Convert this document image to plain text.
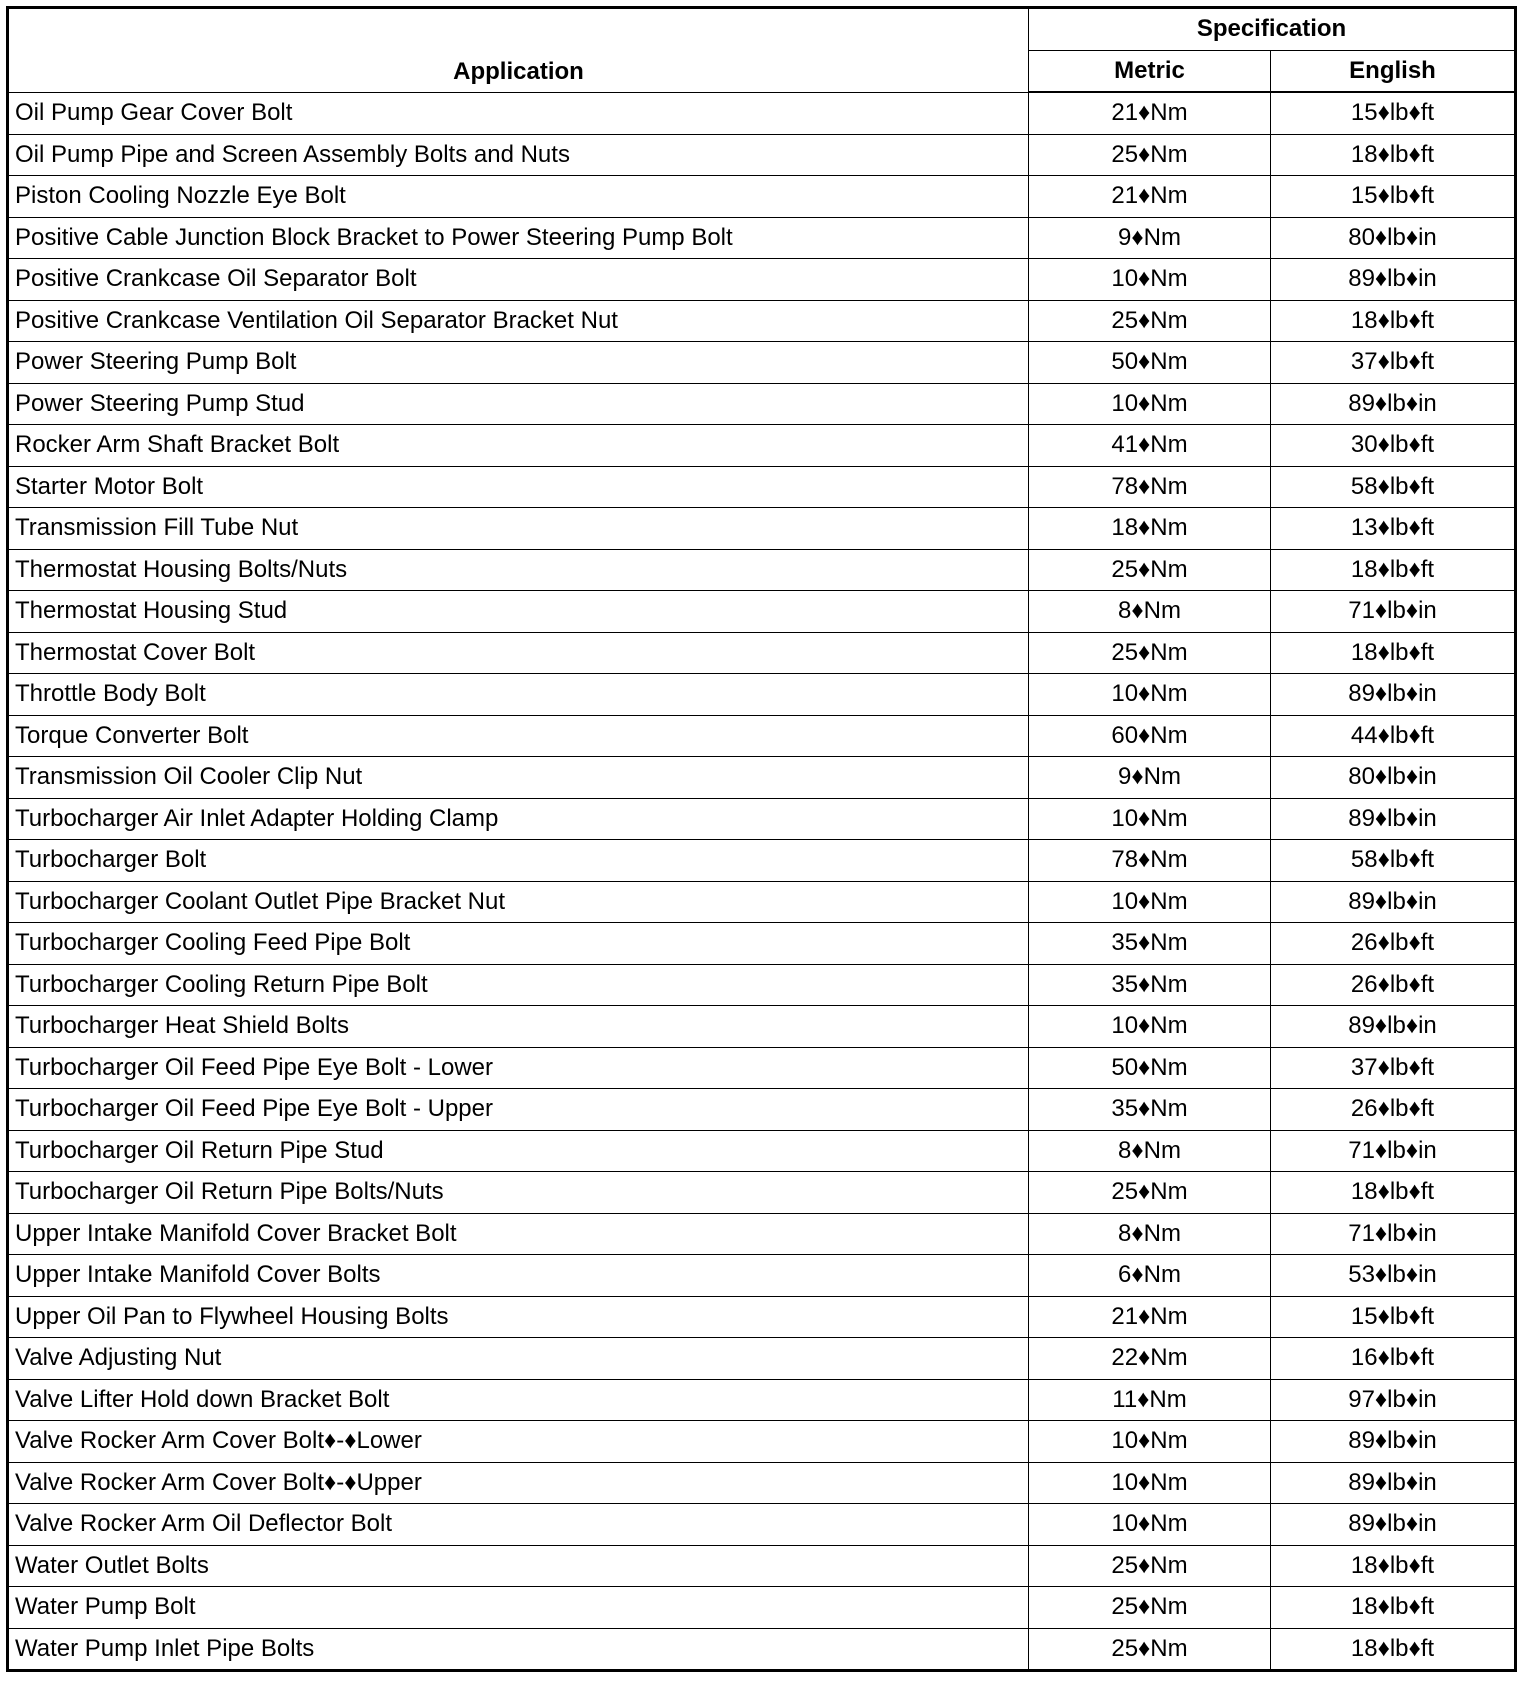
Application	Specification	
	Metric	English
Oil Pump Gear Cover Bolt	21♦Nm	15♦lb♦ft
Oil Pump Pipe and Screen Assembly Bolts and Nuts	25♦Nm	18♦lb♦ft
Piston Cooling Nozzle Eye Bolt	21♦Nm	15♦lb♦ft
Positive Cable Junction Block Bracket to Power Steering Pump Bolt	9♦Nm	80♦lb♦in
Positive Crankcase Oil Separator Bolt	10♦Nm	89♦lb♦in
Positive Crankcase Ventilation Oil Separator Bracket Nut	25♦Nm	18♦lb♦ft
Power Steering Pump Bolt	50♦Nm	37♦lb♦ft
Power Steering Pump Stud	10♦Nm	89♦lb♦in
Rocker Arm Shaft Bracket Bolt	41♦Nm	30♦lb♦ft
Starter Motor Bolt	78♦Nm	58♦lb♦ft
Transmission Fill Tube Nut	18♦Nm	13♦lb♦ft
Thermostat Housing Bolts/Nuts	25♦Nm	18♦lb♦ft
Thermostat Housing Stud	8♦Nm	71♦lb♦in
Thermostat Cover Bolt	25♦Nm	18♦lb♦ft
Throttle Body Bolt	10♦Nm	89♦lb♦in
Torque Converter Bolt	60♦Nm	44♦lb♦ft
Transmission Oil Cooler Clip Nut	9♦Nm	80♦lb♦in
Turbocharger Air Inlet Adapter Holding Clamp	10♦Nm	89♦lb♦in
Turbocharger Bolt	78♦Nm	58♦lb♦ft
Turbocharger Coolant Outlet Pipe Bracket Nut	10♦Nm	89♦lb♦in
Turbocharger Cooling Feed Pipe Bolt	35♦Nm	26♦lb♦ft
Turbocharger Cooling Return Pipe Bolt	35♦Nm	26♦lb♦ft
Turbocharger Heat Shield Bolts	10♦Nm	89♦lb♦in
Turbocharger Oil Feed Pipe Eye Bolt - Lower	50♦Nm	37♦lb♦ft
Turbocharger Oil Feed Pipe Eye Bolt - Upper	35♦Nm	26♦lb♦ft
Turbocharger Oil Return Pipe Stud	8♦Nm	71♦lb♦in
Turbocharger Oil Return Pipe Bolts/Nuts	25♦Nm	18♦lb♦ft
Upper Intake Manifold Cover Bracket Bolt	8♦Nm	71♦lb♦in
Upper Intake Manifold Cover Bolts	6♦Nm	53♦lb♦in
Upper Oil Pan to Flywheel Housing Bolts	21♦Nm	15♦lb♦ft
Valve Adjusting Nut	22♦Nm	16♦lb♦ft
Valve Lifter Hold down Bracket Bolt	11♦Nm	97♦lb♦in
Valve Rocker Arm Cover Bolt♦-♦Lower	10♦Nm	89♦lb♦in
Valve Rocker Arm Cover Bolt♦-♦Upper	10♦Nm	89♦lb♦in
Valve Rocker Arm Oil Deflector Bolt	10♦Nm	89♦lb♦in
Water Outlet Bolts	25♦Nm	18♦lb♦ft
Water Pump Bolt	25♦Nm	18♦lb♦ft
Water Pump Inlet Pipe Bolts	25♦Nm	18♦lb♦ft
